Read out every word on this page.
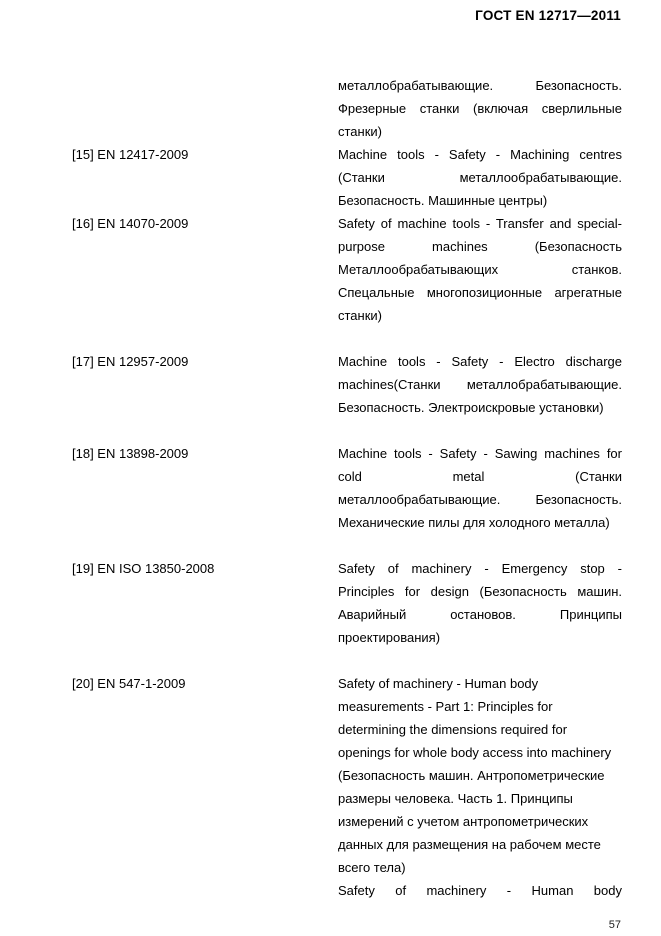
ГОСТ EN 12717—2011
металлобрабатывающие. Безопасность.
Фрезерные станки (включая сверлильные
станки)
[15] EN 12417-2009	Machine tools - Safety - Machining centres
(Станки металлообрабатывающие.
Безопасность. Машинные центры)
[16] EN 14070-2009	Safety of machine tools - Transfer and special-
purpose machines (Безопасность
Металлообрабатывающих станков.
Спецальные многопозиционные агрегатные
станки)
[17] EN 12957-2009	Machine tools - Safety - Electro discharge
machines(Станки металлобрабатывающие.
Безопасность. Электроискровые установки)
[18] EN 13898-2009	Machine tools - Safety - Sawing machines for
cold metal (Станки
металлообрабатывающие. Безопасность.
Механические пилы для холодного металла)
[19] EN ISO 13850-2008	Safety of machinery - Emergency stop -
Principles for design (Безопасность машин.
Аварийный остановов. Принципы
проектирования)
[20] EN 547-1-2009	Safety of machinery - Human body
measurements - Part 1: Principles for
determining the dimensions required for
openings for whole body access into machinery
(Безопасность машин. Антропометрические
размеры человека. Часть 1. Принципы
измерений с учетом антропометрических
данных для размещения на рабочем месте
всего тела)
Safety of machinery - Human body
57
